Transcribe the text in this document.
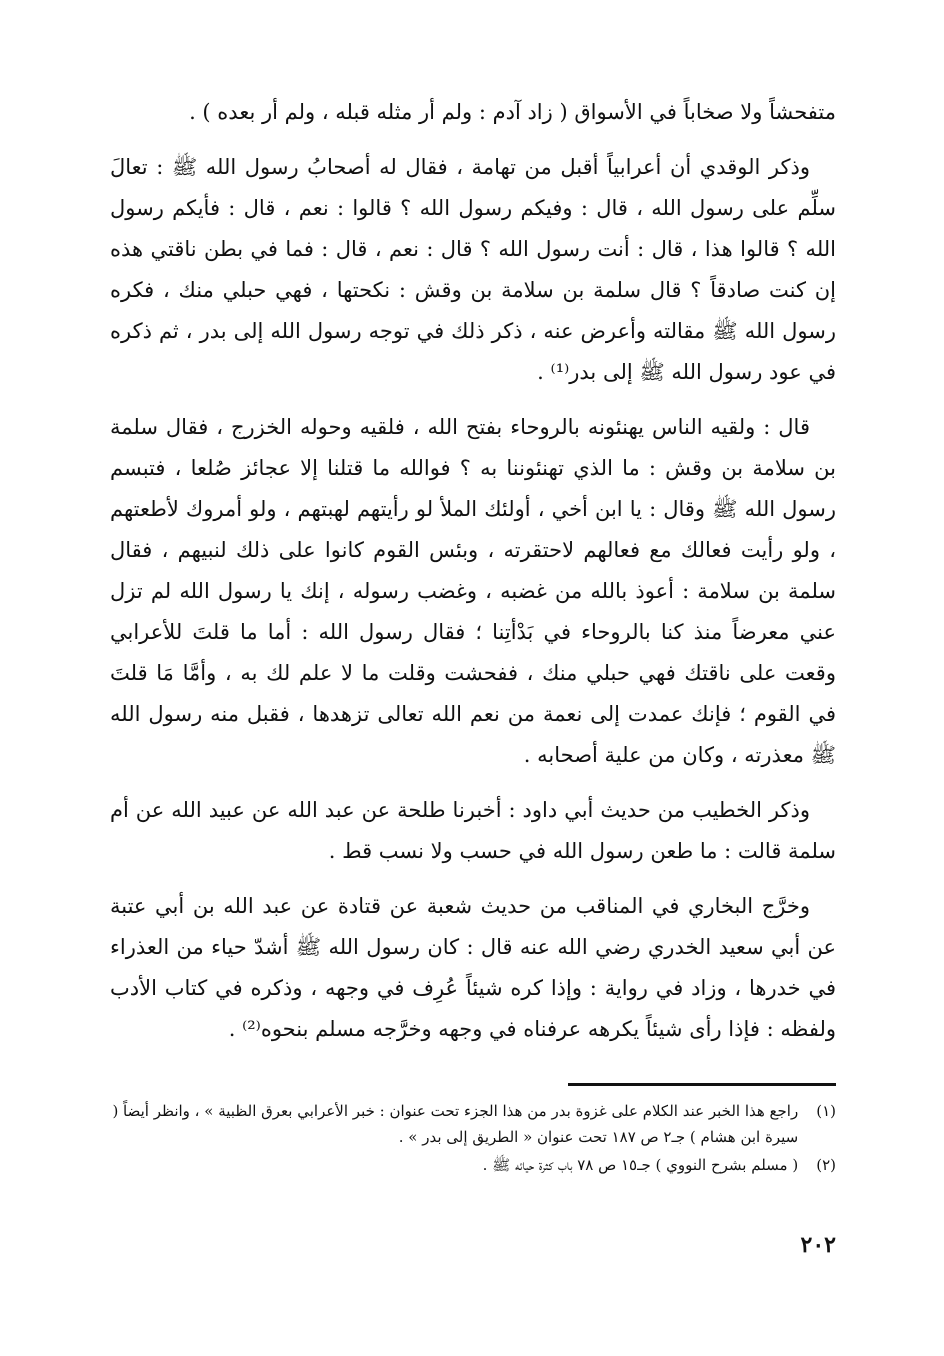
متفحشاً ولا صخاباً في الأسواق ( زاد آدم : ولم أر مثله قبله ، ولم أر بعده ) .

وذكر الوقدي أن أعرابياً أقبل من تهامة ، فقال له أصحابُ رسول الله ﷺ : تعالَ سلِّم على رسول الله ، قال : وفيكم رسول الله ؟ قالوا : نعم ، قال : فأيكم رسول الله ؟ قالوا هذا ، قال : أنت رسول الله ؟ قال : نعم ، قال : فما في بطن ناقتي هذه إن كنت صادقاً ؟ قال سلمة بن سلامة بن وقش : نكحتها ، فهي حبلي منك ، فكره رسول الله ﷺ مقالته وأعرض عنه ، ذكر ذلك في توجه رسول الله إلى بدر ، ثم ذكره في عود رسول الله ﷺ إلى بدر⁽¹⁾ .

قال : ولقيه الناس يهنئونه بالروحاء بفتح الله ، فلقيه وحوله الخزرج ، فقال سلمة بن سلامة بن وقش : ما الذي تهنئوننا به ؟ فوالله ما قتلنا إلا عجائز صُلعا ، فتبسم رسول الله ﷺ وقال : يا ابن أخي ، أولئك الملأ لو رأيتهم لهبتهم ، ولو أمروك لأطعتهم ، ولو رأيت فعالك مع فعالهم لاحتقرته ، وبئس القوم كانوا على ذلك لنبيهم ، فقال سلمة بن سلامة : أعوذ بالله من غضبه ، وغضب رسوله ، إنك يا رسول الله لم تزل عني معرضاً منذ كنا بالروحاء في بَدْأتِنا ؛ فقال رسول الله : أما ما قلتَ للأعرابي وقعت على ناقتك فهي حبلي منك ، ففحشت وقلت ما لا علم لك به ، وأمَّا مَا قلتَ في القوم ؛ فإنك عمدت إلى نعمة من نعم الله تعالى تزهدها ، فقبل منه رسول الله ﷺ معذرته ، وكان من علية أصحابه .

وذكر الخطيب من حديث أبي داود : أخبرنا طلحة عن عبد الله عن عبيد الله عن أم سلمة قالت : ما طعن رسول الله في حسب ولا نسب قط .

وخرَّج البخاري في المناقب من حديث شعبة عن قتادة عن عبد الله بن أبي عتبة عن أبي سعيد الخدري رضي الله عنه قال : كان رسول الله ﷺ أشدّ حياء من العذراء في خدرها ، وزاد في رواية : وإذا كره شيئاً عُرِف في وجهه ، وذكره في كتاب الأدب ولفظه : فإذا رأى شيئاً يكرهه عرفناه في وجهه وخرَّجه مسلم بنحوه⁽²⁾ .

(١)
راجع هذا الخبر عند الكلام على غزوة بدر من هذا الجزء تحت عنوان : خبر الأعرابي بعرق الظبية » ، وانظر أيضاً ( سيرة ابن هشام ) جـ٢ ص ١٨٧ تحت عنوان « الطريق إلى بدر » .
(٢)
( مسلم بشرح النووي ) جـ١٥ ص ٧٨ باب كثرة حيائه ﷺ .
٢٠٢
